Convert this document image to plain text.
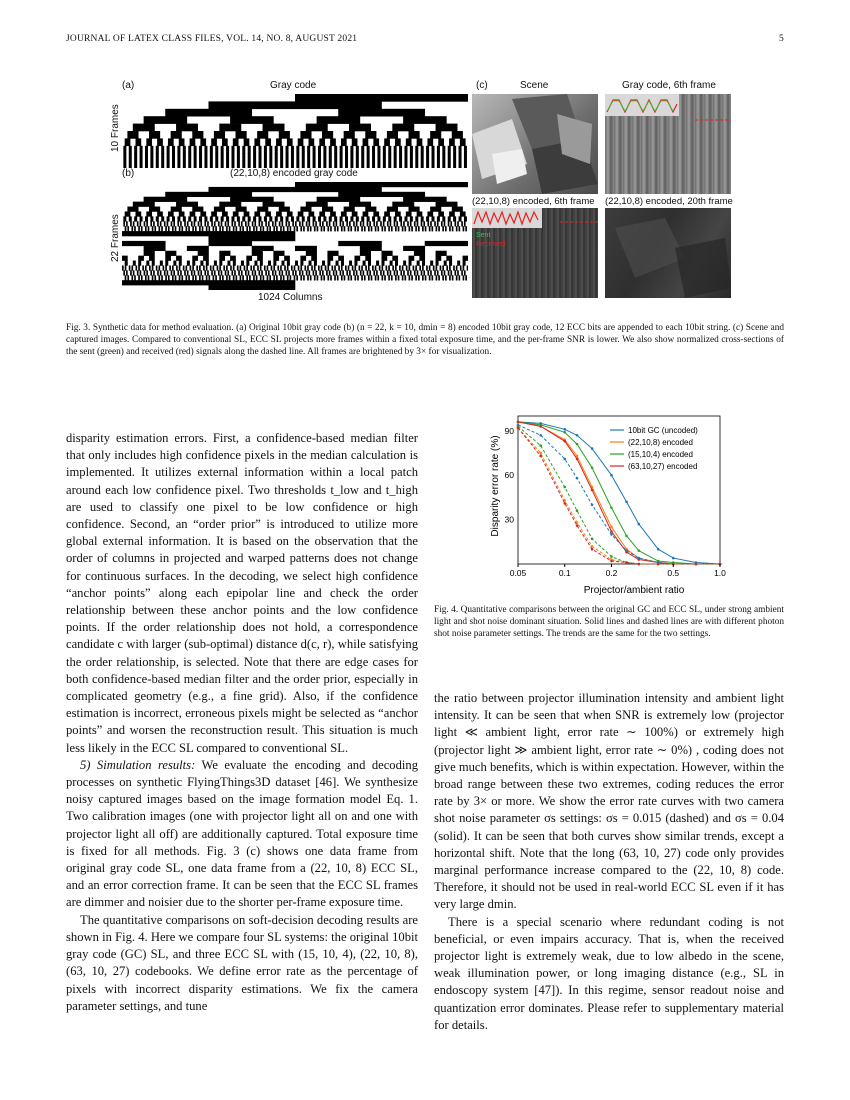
JOURNAL OF LATEX CLASS FILES, VOL. 14, NO. 8, AUGUST 2021	5
(a)	Gray code
10 Frames
(b)	(22,10,8) encoded gray code
22 Frames
1024 Columns
(c)	Scene	Gray code, 6th frame
(22,10,8) encoded, 6th frame (22,10,8) encoded, 20th frame
Sent
Received
Fig. 3. Synthetic data for method evaluation. (a) Original 10bit gray code (b) (n = 22, k = 10, dmin = 8) encoded 10bit gray code, 12 ECC bits are appended to each 10bit string. (c) Scene and captured images. Compared to conventional SL, ECC SL projects more frames within a fixed total exposure time, and the per-frame SNR is lower. We also show normalized cross-sections of the sent (green) and received (red) signals along the dashed line. All frames are brightened by 3× for visualization.
0.05	0.1	0.2	0.5	1.0
30
60
90	10bit GC (uncoded)
(22,10,8) encoded
(15,10,4) encoded
(63,10,27) encoded
Projector/ambient ratio
Disparity error rate (%)
Fig. 4. Quantitative comparisons between the original GC and ECC SL, under strong ambient light and shot noise dominant situation. Solid lines and dashed lines are with different photon shot noise parameter settings. The trends are the same for the two settings.

disparity estimation errors. First, a confidence-based median filter that only includes high confidence pixels in the median calculation is implemented. It utilizes external information within a local patch around each low confidence pixel. Two thresholds t_low and t_high are used to classify one pixel to be low confidence or high confidence. Second, an “order prior” is introduced to utilize more global external information. It is based on the observation that the order of columns in projected and warped patterns does not change for continuous surfaces. In the decoding, we select high confidence “anchor points” along each epipolar line and check the order relationship between these anchor points and the low confidence points. If the order relationship does not hold, a correspondence candidate c with larger (sub-optimal) distance d(c, r), while satisfying the order relationship, is selected. Note that there are edge cases for both confidence-based median filter and the order prior, especially in complicated geometry (e.g., a fine grid). Also, if the confidence estimation is incorrect, erroneous pixels might be selected as “anchor points” and worsen the reconstruction result. This situation is much less likely in the ECC SL compared to conventional SL.

5) Simulation results: We evaluate the encoding and decoding processes on synthetic FlyingThings3D dataset [46]. We synthesize noisy captured images based on the image formation model Eq. 1. Two calibration images (one with projector light all on and one with projector light all off) are additionally captured. Total exposure time is fixed for all methods. Fig. 3 (c) shows one data frame from original gray code SL, one data frame from a (22, 10, 8) ECC SL, and an error correction frame. It can be seen that the ECC SL frames are dimmer and noisier due to the shorter per-frame exposure time.

The quantitative comparisons on soft-decision decoding results are shown in Fig. 4. Here we compare four SL systems: the original 10bit gray code (GC) SL, and three ECC SL with (15, 10, 4), (22, 10, 8), (63, 10, 27) codebooks. We define error rate as the percentage of pixels with incorrect disparity estimations. We fix the camera parameter settings, and tune

the ratio between projector illumination intensity and ambient light intensity. It can be seen that when SNR is extremely low (projector light ≪ ambient light, error rate ∼ 100%) or extremely high (projector light ≫ ambient light, error rate ∼ 0%) , coding does not give much benefits, which is within expectation. However, within the broad range between these two extremes, coding reduces the error rate by 3× or more. We show the error rate curves with two camera shot noise parameter σs settings: σs = 0.015 (dashed) and σs = 0.04 (solid). It can be seen that both curves show similar trends, except a horizontal shift. Note that the long (63, 10, 27) code only provides marginal performance increase compared to the (22, 10, 8) code. Therefore, it should not be used in real-world ECC SL even if it has very large dmin.

There is a special scenario where redundant coding is not beneficial, or even impairs accuracy. That is, when the received projector light is extremely weak, due to low albedo in the scene, weak illumination power, or long imaging distance (e.g., SL in endoscopy system [47]). In this regime, sensor readout noise and quantization error dominates. Please refer to supplementary material for details.
